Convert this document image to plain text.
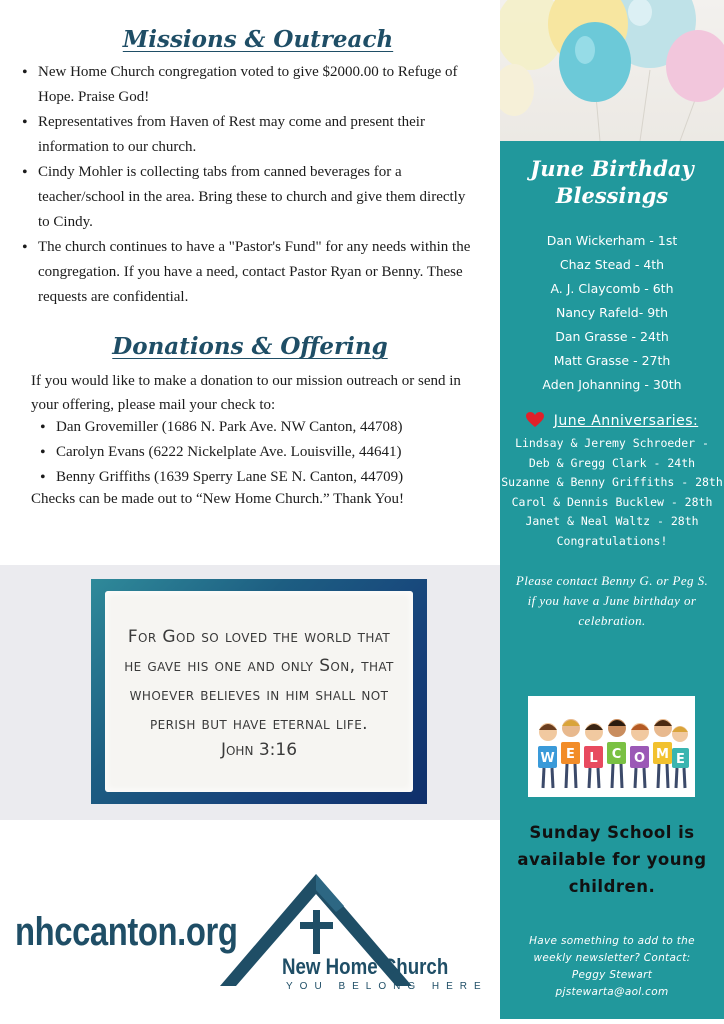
Missions & Outreach
• New Home Church congregation voted to give $2000.00 to Refuge of Hope. Praise God!
• Representatives from Haven of Rest may come and present their information to our church.
• Cindy Mohler is collecting tabs from canned beverages for a teacher/school in the area. Bring these to church and give them directly to Cindy.
• The church continues to have a "Pastor's Fund" for any needs within the congregation. If you have a need, contact Pastor Ryan or Benny. These requests are confidential.
Donations & Offering

If you would like to make a donation to our mission outreach or send in your offering, please mail your check to:

• Dan Grovemiller (1686 N. Park Ave. NW Canton, 44708)
• Carolyn Evans (6222 Nickelplate Ave. Louisville, 44641)
• Benny Griffiths (1639 Sperry Lane SE N. Canton, 44709)

Checks can be made out to “New Home Church.” Thank You!

For God so loved the world that he gave his one and only Son, that whoever believes in him shall not perish but have eternal life.
John 3:16
nhccanton.org
New Home Church
YOU BELONG HERE
June Birthday
Blessings
Dan Wickerham - 1st
Chaz Stead - 4th
A. J. Claycomb - 6th
Nancy Rafeld- 9th
Dan Grasse - 24th
Matt Grasse - 27th
Aden Johanning - 30th
June Anniversaries:
Lindsay & Jeremy Schroeder -
Deb & Gregg Clark - 24th
Suzanne & Benny Griffiths - 28th
Carol & Dennis Bucklew - 28th
Janet & Neal Waltz - 28th
Congratulations!

Please contact Benny G. or Peg S. if you have a June birthday or celebration.

W E L C O M E

Sunday School is available for young children.

Have something to add to the weekly newsletter? Contact:
Peggy Stewart
pjstewarta@aol.com
